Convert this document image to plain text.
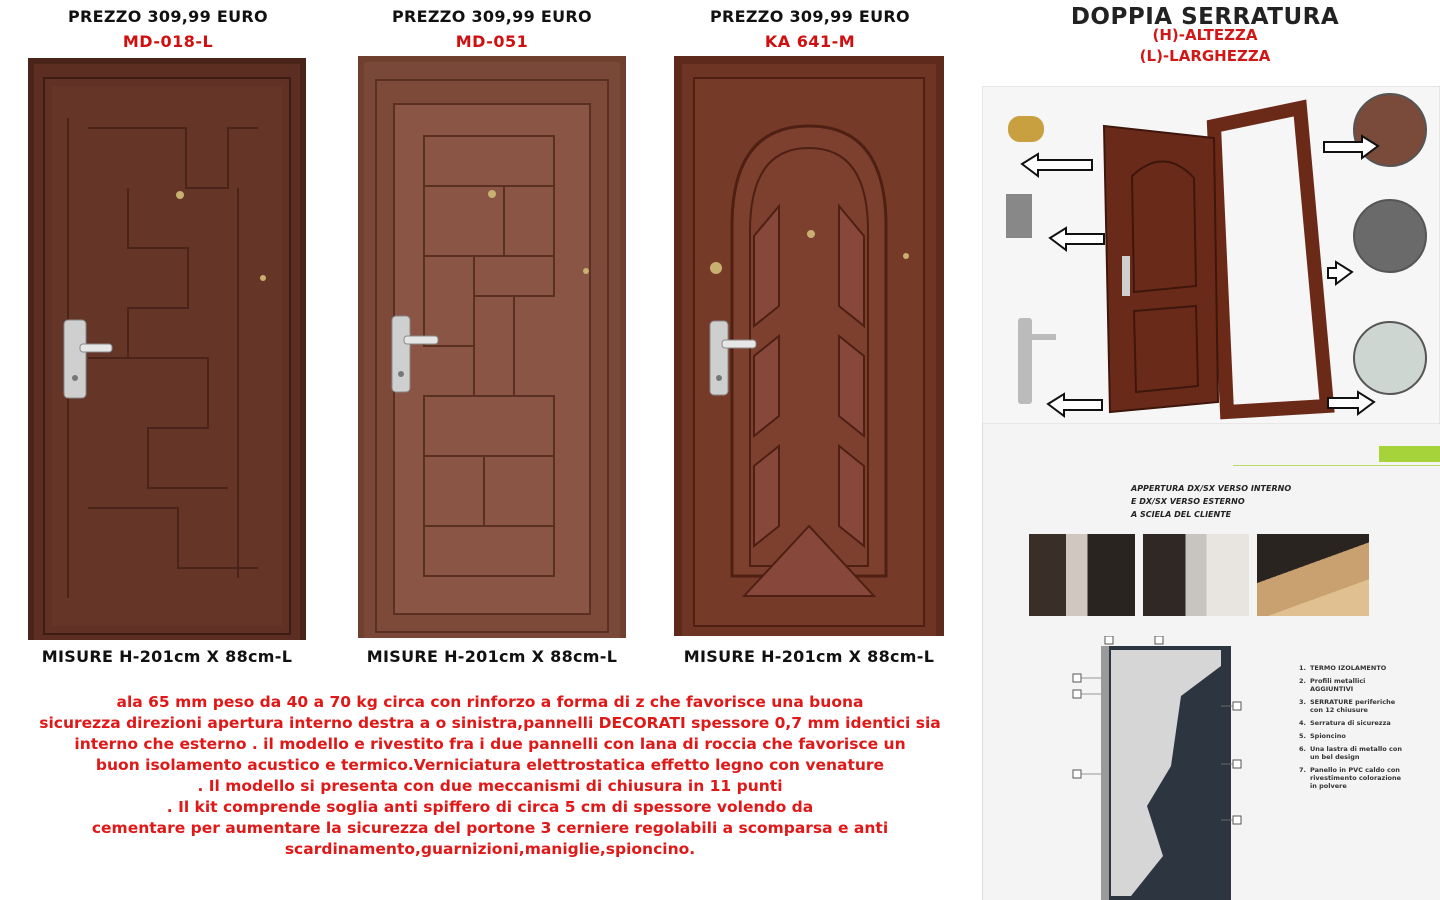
PREZZO 309,99 EURO
MD-018-L
MISURE H-201cm X 88cm-L
PREZZO 309,99 EURO
MD-051
MISURE H-201cm X 88cm-L
PREZZO 309,99 EURO
KA 641-M
MISURE H-201cm X 88cm-L
ala 65 mm peso da 40 a 70 kg circa con rinforzo a forma di z che favorisce una buona
sicurezza direzioni apertura interno destra a o sinistra,pannelli DECORATI spessore 0,7 mm identici sia
interno che esterno . il modello e rivestito fra i due pannelli con lana di roccia che favorisce un
buon isolamento acustico e termico.Verniciatura elettrostatica effetto legno con venature
. Il modello si presenta con due meccanismi di chiusura in 11 punti
. Il kit comprende soglia anti spiffero di circa 5 cm di spessore volendo da
cementare per aumentare la sicurezza del portone 3 cerniere regolabili a scomparsa e anti
scardinamento,guarnizioni,maniglie,spioncino.
DOPPIA SERRATURA
(H)-ALTEZZA
(L)-LARGHEZZA
APPERTURA DX/SX VERSO INTERNO
E DX/SX VERSO ESTERNO
A SCIELA DEL CLIENTE
1. TERMO IZOLAMENTO
2. Profili metallici AGGIUNTIVI
3. SERRATURE periferiche con 12 chiusure
4. Serratura di sicurezza
5. Spioncino
6. Una lastra di metallo con un bel design
7. Panello in PVC caldo con rivestimento colorazione in polvere
